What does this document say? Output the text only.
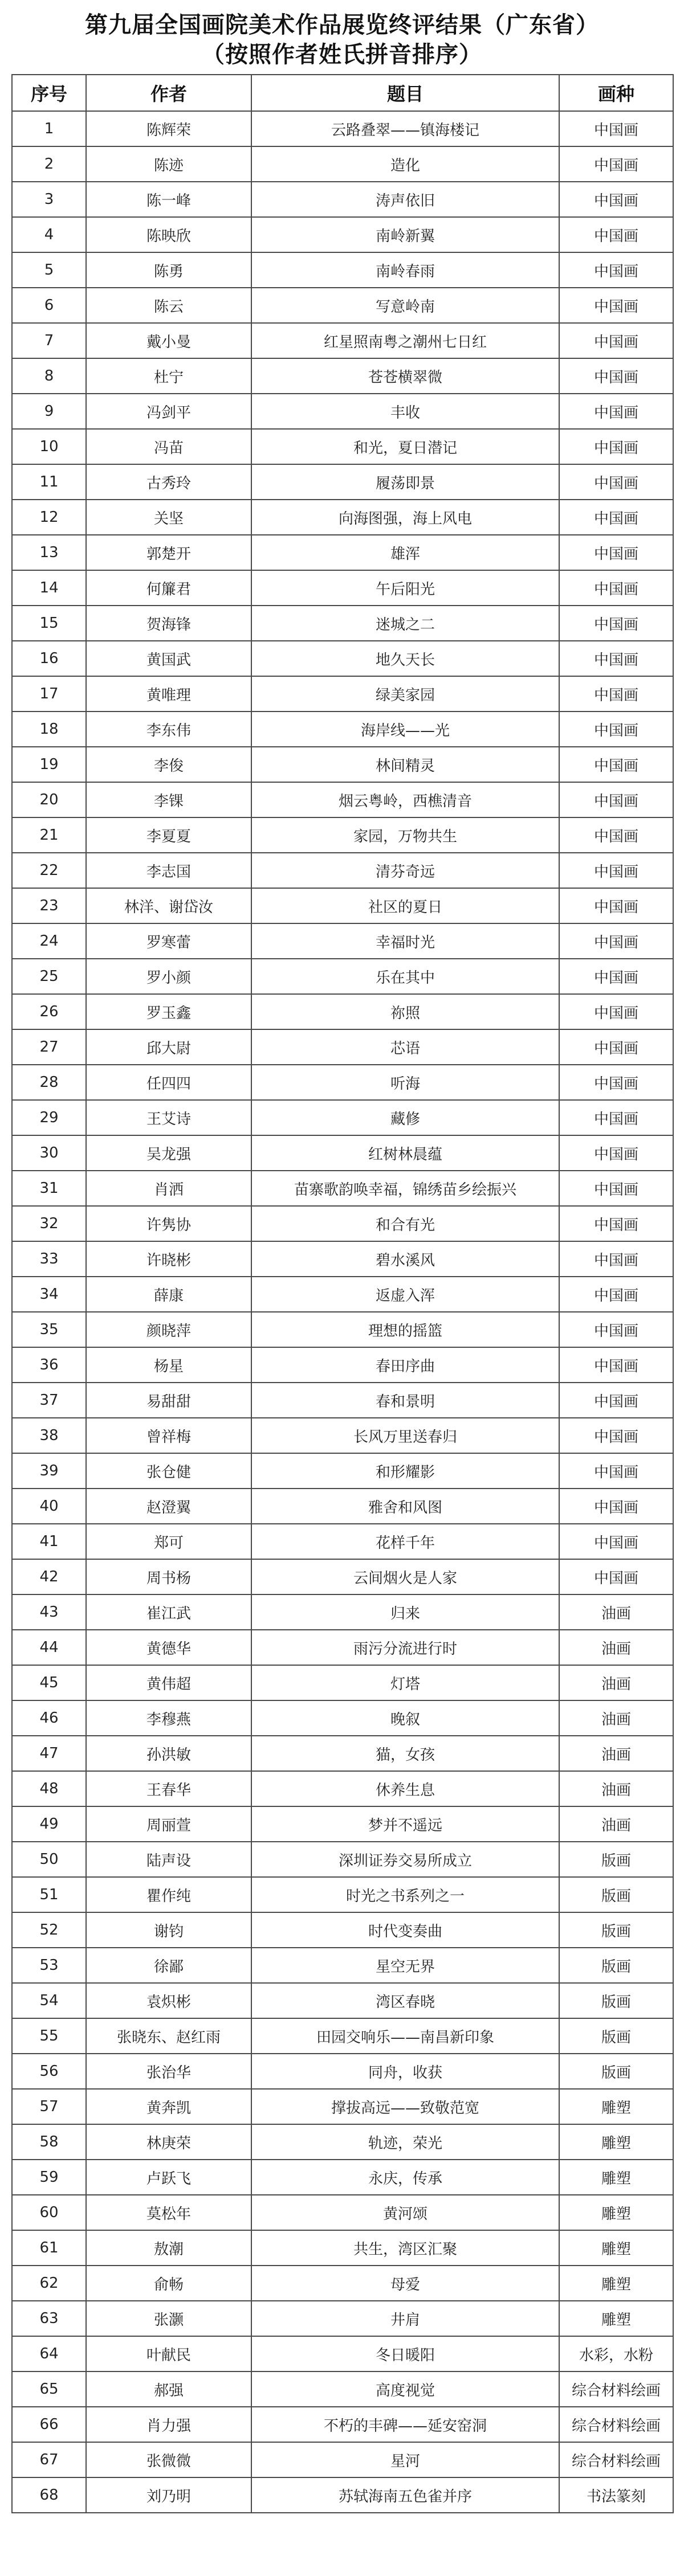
第九届全国画院美术作品展览终评结果（广东省）
（按照作者姓氏拼音排序）
序号	作者	题目	画种
1	陈辉荣	云路叠翠——镇海楼记	中国画
2	陈迹	造化	中国画
3	陈一峰	涛声依旧	中国画
4	陈映欣	南岭新翼	中国画
5	陈勇	南岭春雨	中国画
6	陈云	写意岭南	中国画
7	戴小曼	红星照南粤之潮州七日红	中国画
8	杜宁	苍苍横翠微	中国画
9	冯剑平	丰收	中国画
10	冯苗	和光，夏日潜记	中国画
11	古秀玲	履荡即景	中国画
12	关坚	向海图强，海上风电	中国画
13	郭楚开	雄浑	中国画
14	何簾君	午后阳光	中国画
15	贺海锋	迷城之二	中国画
16	黄国武	地久天长	中国画
17	黄唯理	绿美家园	中国画
18	李东伟	海岸线——光	中国画
19	李俊	林间精灵	中国画
20	李锞	烟云粤岭，西樵清音	中国画
21	李夏夏	家园，万物共生	中国画
22	李志国	清芬奇远	中国画
23	林洋、谢岱汝	社区的夏日	中国画
24	罗寒蕾	幸福时光	中国画
25	罗小颜	乐在其中	中国画
26	罗玉鑫	祢照	中国画
27	邱大尉	芯语	中国画
28	任四四	听海	中国画
29	王艾诗	藏修	中国画
30	吴龙强	红树林晨蕴	中国画
31	肖洒	苗寨歌韵唤幸福，锦绣苗乡绘振兴	中国画
32	许隽协	和合有光	中国画
33	许晓彬	碧水溪风	中国画
34	薛康	返虚入浑	中国画
35	颜晓萍	理想的摇篮	中国画
36	杨星	春田序曲	中国画
37	易甜甜	春和景明	中国画
38	曾祥梅	长风万里送春归	中国画
39	张仓健	和形耀影	中国画
40	赵澄翼	雅舍和风图	中国画
41	郑可	花样千年	中国画
42	周书杨	云间烟火是人家	中国画
43	崔江武	归来	油画
44	黄德华	雨污分流进行时	油画
45	黄伟超	灯塔	油画
46	李穆燕	晚叙	油画
47	孙洪敏	猫，女孩	油画
48	王春华	休养生息	油画
49	周丽萱	梦并不遥远	油画
50	陆声设	深圳证券交易所成立	版画
51	瞿作纯	时光之书系列之一	版画
52	谢钧	时代变奏曲	版画
53	徐鄙	星空无界	版画
54	袁炽彬	湾区春晓	版画
55	张晓东、赵红雨	田园交响乐——南昌新印象	版画
56	张治华	同舟，收获	版画
57	黄奔凯	撑拔高远——致敬范宽	雕塑
58	林庚荣	轨迹，荣光	雕塑
59	卢跃飞	永庆，传承	雕塑
60	莫松年	黄河颂	雕塑
61	敖潮	共生，湾区汇聚	雕塑
62	俞畅	母爱	雕塑
63	张灏	井肩	雕塑
64	叶献民	冬日暖阳	水彩，水粉
65	郝强	高度视觉	综合材料绘画
66	肖力强	不朽的丰碑——延安窑洞	综合材料绘画
67	张微微	星河	综合材料绘画
68	刘乃明	苏轼海南五色雀并序	书法篆刻
